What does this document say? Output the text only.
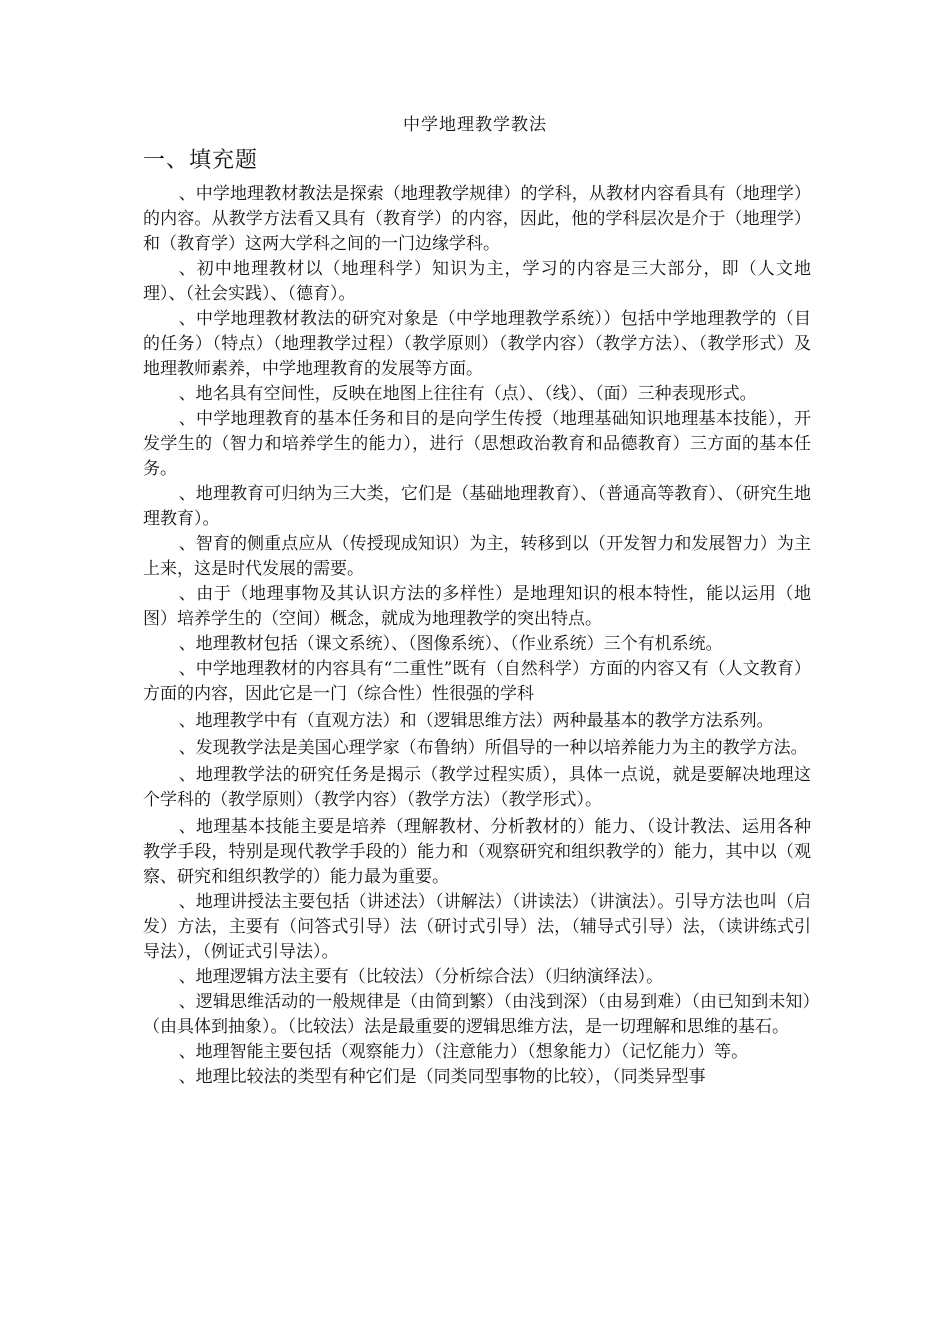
中学地理教学教法
一、填充题

、中学地理教材教法是探索（地理教学规律）的学科，从教材内容看具有（地理学）的内容。从教学方法看又具有（教育学）的内容，因此，他的学科层次是介于（地理学）和（教育学）这两大学科之间的一门边缘学科。

、初中地理教材以（地理科学）知识为主，学习的内容是三大部分，即（人文地理）、（社会实践）、（德育）。

、中学地理教材教法的研究对象是（中学地理教学系统））包括中学地理教学的（目的任务）（特点）（地理教学过程）（教学原则）（教学内容）（教学方法）、（教学形式）及地理教师素养，中学地理教育的发展等方面。

、地名具有空间性，反映在地图上往往有（点）、（线）、（面）三种表现形式。

、中学地理教育的基本任务和目的是向学生传授（地理基础知识地理基本技能），开发学生的（智力和培养学生的能力），进行（思想政治教育和品德教育）三方面的基本任务。

、地理教育可归纳为三大类，它们是（基础地理教育）、（普通高等教育）、（研究生地理教育）。

、智育的侧重点应从（传授现成知识）为主，转移到以（开发智力和发展智力）为主上来，这是时代发展的需要。

、由于（地理事物及其认识方法的多样性）是地理知识的根本特性，能以运用（地图）培养学生的（空间）概念，就成为地理教学的突出特点。

、地理教材包括（课文系统）、（图像系统）、（作业系统）三个有机系统。

、中学地理教材的内容具有“二重性”既有（自然科学）方面的内容又有（人文教育）方面的内容，因此它是一门（综合性）性很强的学科

、地理教学中有（直观方法）和（逻辑思维方法）两种最基本的教学方法系列。

、发现教学法是美国心理学家（布鲁纳）所倡导的一种以培养能力为主的教学方法。

、地理教学法的研究任务是揭示（教学过程实质），具体一点说，就是要解决地理这个学科的（教学原则）（教学内容）（教学方法）（教学形式）。

、地理基本技能主要是培养（理解教材、分析教材的）能力、（设计教法、运用各种教学手段，特别是现代教学手段的）能力和（观察研究和组织教学的）能力，其中以（观察、研究和组织教学的）能力最为重要。

、地理讲授法主要包括（讲述法）（讲解法）（讲读法）（讲演法）。引导方法也叫（启发）方法，主要有（问答式引导）法（研讨式引导）法，（辅导式引导）法，（读讲练式引导法），（例证式引导法）。

、地理逻辑方法主要有（比较法）（分析综合法）（归纳演绎法）。

、逻辑思维活动的一般规律是（由简到繁）（由浅到深）（由易到难）（由已知到未知）（由具体到抽象）。（比较法）法是最重要的逻辑思维方法，是一切理解和思维的基石。

、地理智能主要包括（观察能力）（注意能力）（想象能力）（记忆能力）等。

、地理比较法的类型有种它们是（同类同型事物的比较），（同类异型事
